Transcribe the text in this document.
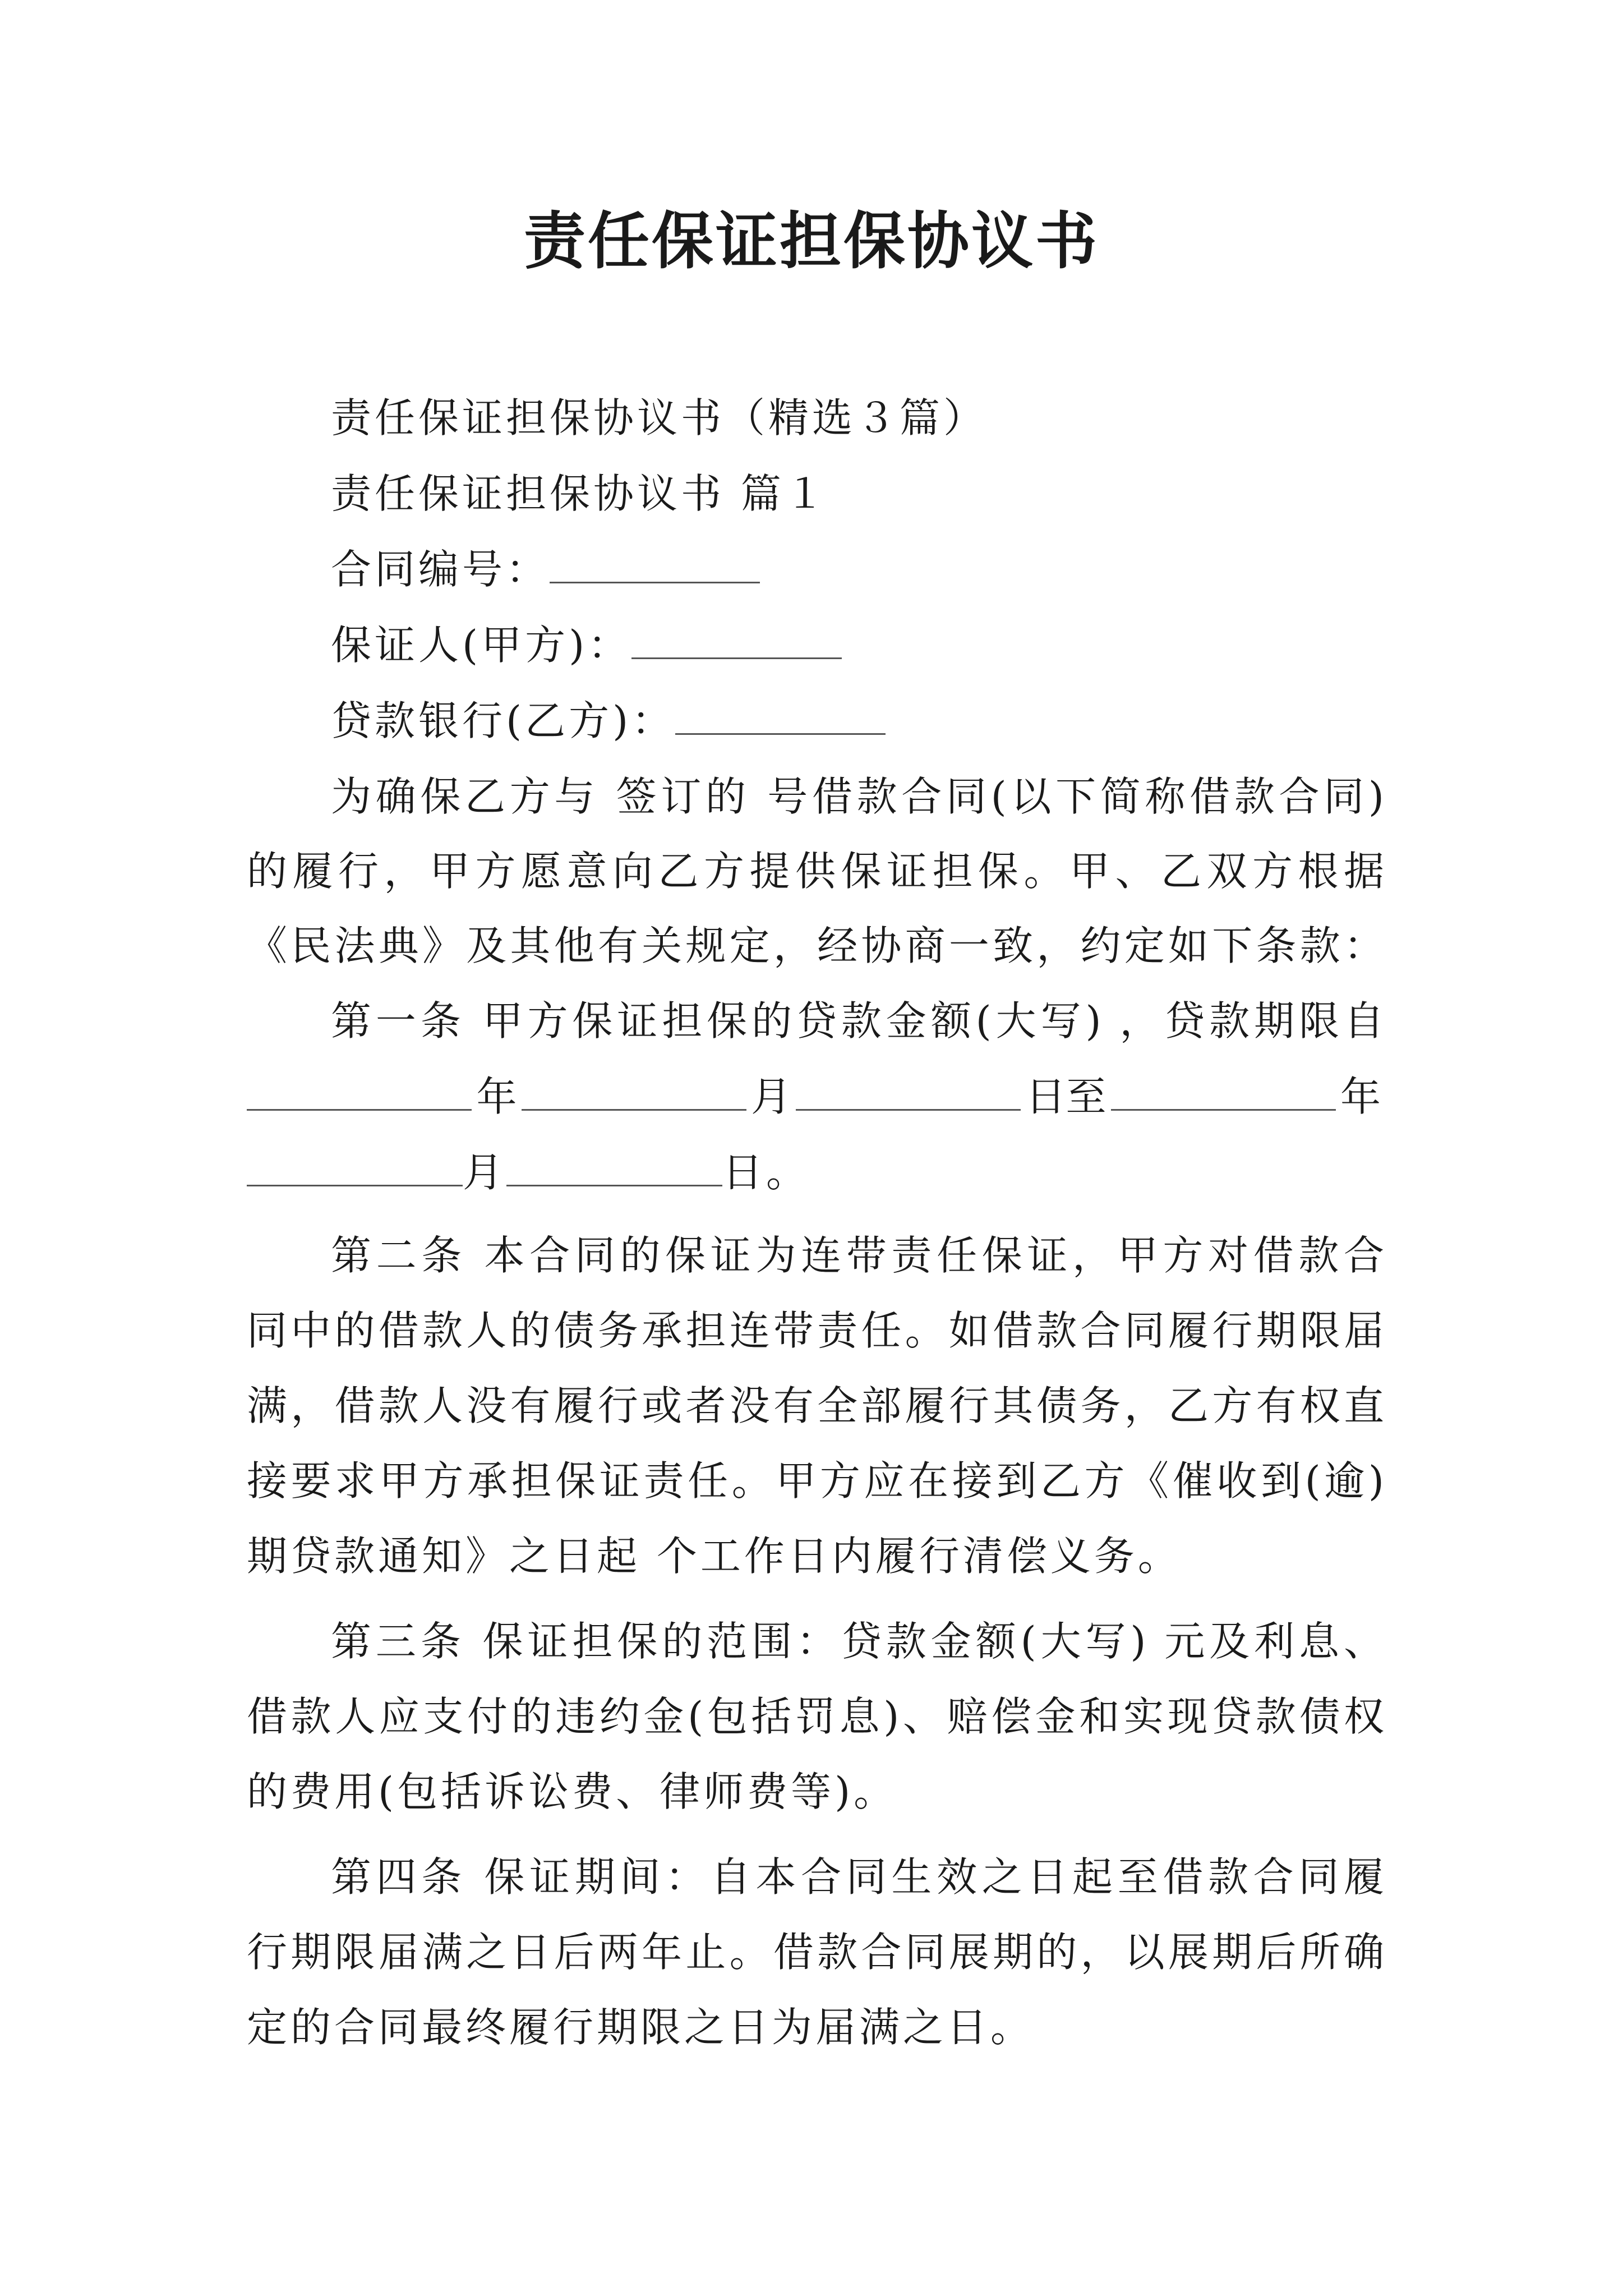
责任保证担保协议书
责任保证担保协议书（精选３篇）
责任保证担保协议书 篇１
合同编号：
保证人(甲方)：
贷款银行(乙方)：
为确保乙方与 签订的 号借款合同(以下简称借款合同)
的履行，甲方愿意向乙方提供保证担保。甲、乙双方根据
《民法典》及其他有关规定，经协商一致，约定如下条款：
第一条 甲方保证担保的贷款金额(大写) ，贷款期限自
年	月	日至	年
月	日。
第二条 本合同的保证为连带责任保证，甲方对借款合
同中的借款人的债务承担连带责任。如借款合同履行期限届
满，借款人没有履行或者没有全部履行其债务，乙方有权直
接要求甲方承担保证责任。甲方应在接到乙方《催收到(逾)
期贷款通知》之日起 个工作日内履行清偿义务。
第三条 保证担保的范围：贷款金额(大写) 元及利息、
借款人应支付的违约金(包括罚息)、赔偿金和实现贷款债权
的费用(包括诉讼费、律师费等)。
第四条 保证期间：自本合同生效之日起至借款合同履
行期限届满之日后两年止。借款合同展期的，以展期后所确
定的合同最终履行期限之日为届满之日。
